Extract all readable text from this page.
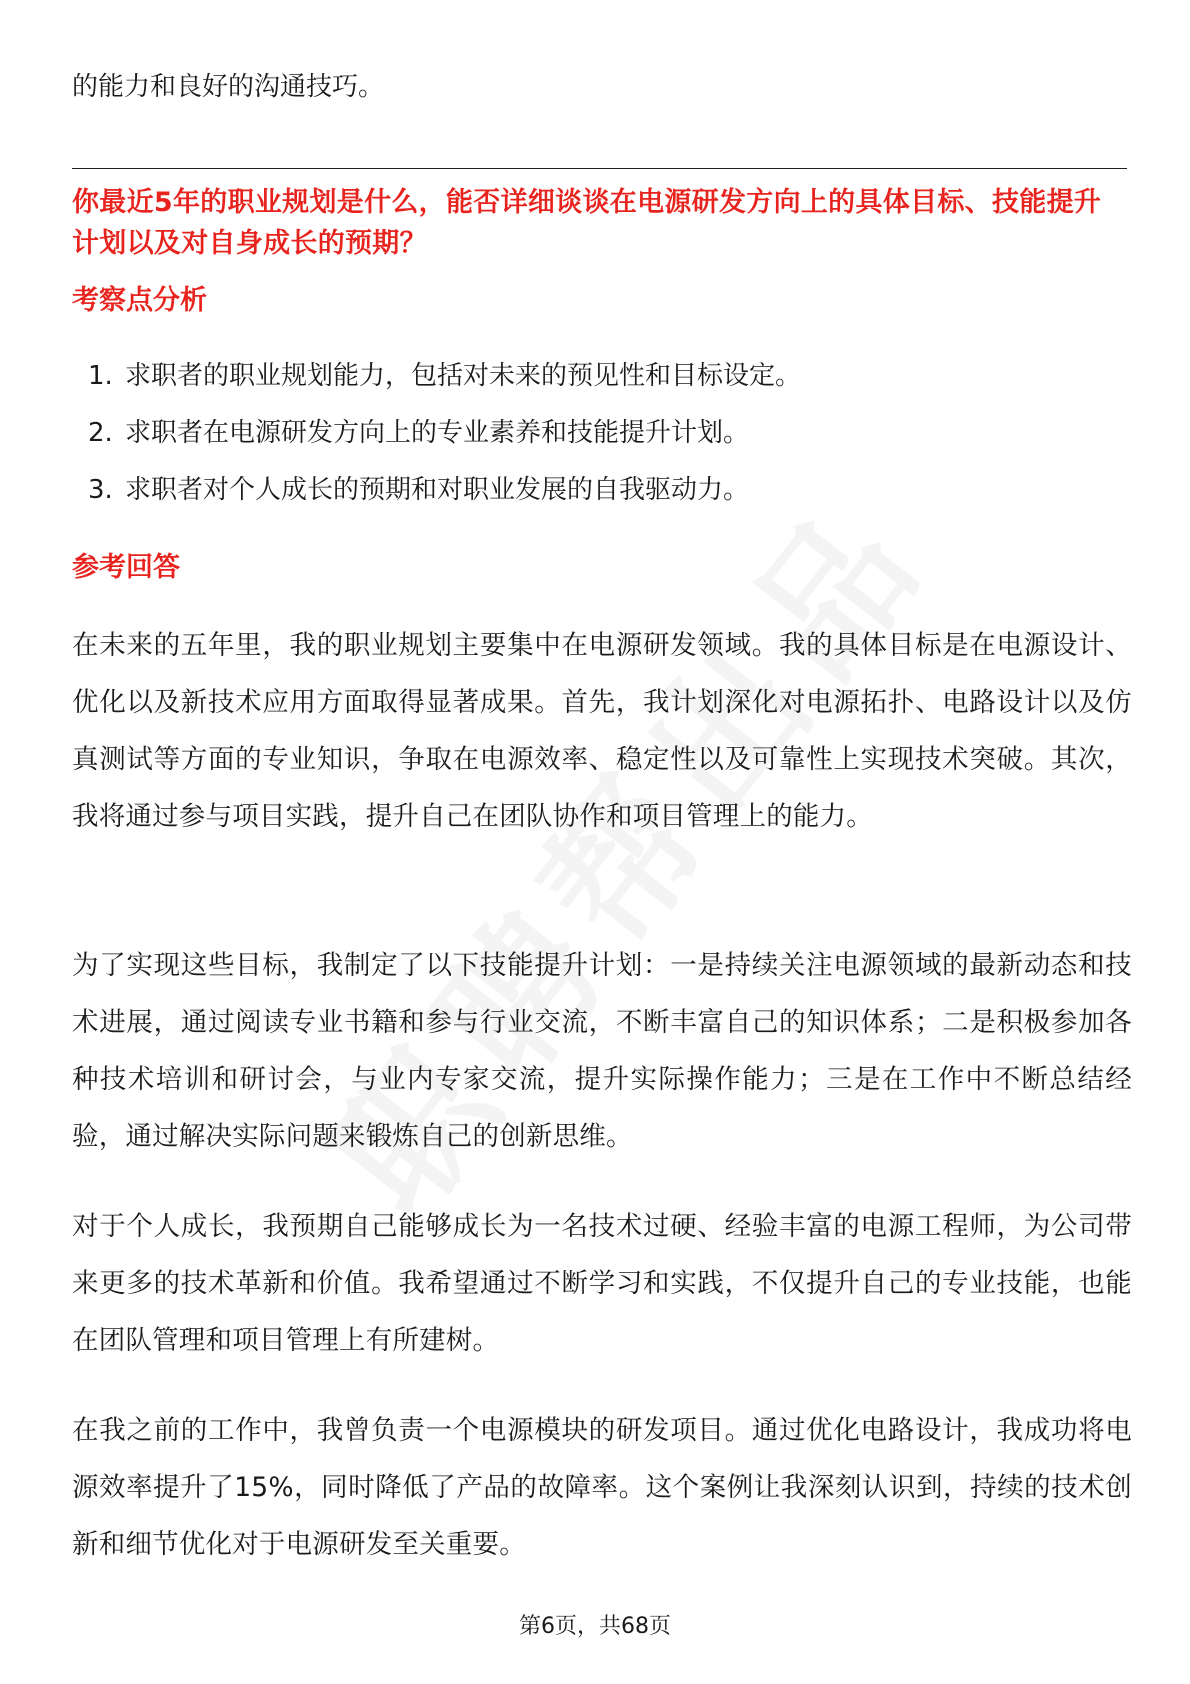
的能力和良好的沟通技巧。

你最近5年的职业规划是什么，能否详细谈谈在电源研发方向上的具体目标、技能提升计划以及对自身成长的预期？
考察点分析
1. 求职者的职业规划能力，包括对未来的预见性和目标设定。
2. 求职者在电源研发方向上的专业素养和技能提升计划。
3. 求职者对个人成长的预期和对职业发展的自我驱动力。
参考回答

在未来的五年里，我的职业规划主要集中在电源研发领域。我的具体目标是在电源设计、优化以及新技术应用方面取得显著成果。首先，我计划深化对电源拓扑、电路设计以及仿真测试等方面的专业知识，争取在电源效率、稳定性以及可靠性上实现技术突破。其次，我将通过参与项目实践，提升自己在团队协作和项目管理上的能力。

为了实现这些目标，我制定了以下技能提升计划：一是持续关注电源领域的最新动态和技术进展，通过阅读专业书籍和参与行业交流，不断丰富自己的知识体系；二是积极参加各种技术培训和研讨会，与业内专家交流，提升实际操作能力；三是在工作中不断总结经验，通过解决实际问题来锻炼自己的创新思维。

对于个人成长，我预期自己能够成长为一名技术过硬、经验丰富的电源工程师，为公司带来更多的技术革新和价值。我希望通过不断学习和实践，不仅提升自己的专业技能，也能在团队管理和项目管理上有所建树。

在我之前的工作中，我曾负责一个电源模块的研发项目。通过优化电路设计，我成功将电源效率提升了15%，同时降低了产品的故障率。这个案例让我深刻认识到，持续的技术创新和细节优化对于电源研发至关重要。

第6页，共68页
